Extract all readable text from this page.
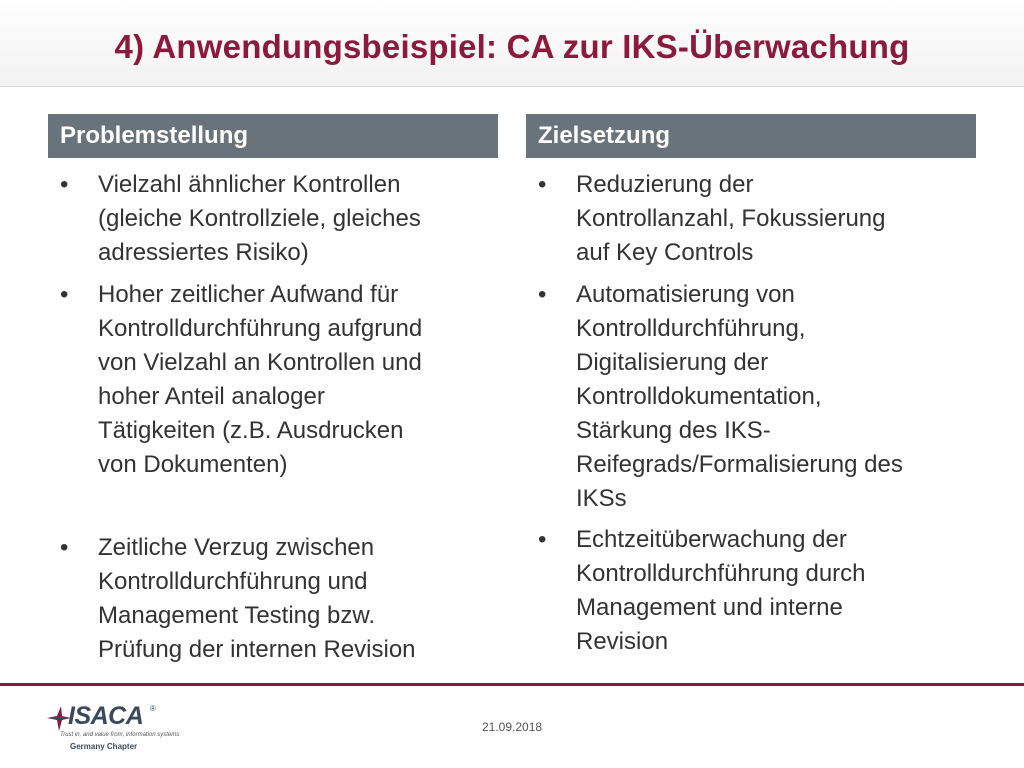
4) Anwendungsbeispiel: CA zur IKS-Überwachung
Problemstellung	Zielsetzung
• Vielzahl ähnlicher Kontrollen
(gleiche Kontrollziele, gleiches
adressiertes Risiko)
• Hoher zeitlicher Aufwand für
Kontrolldurchführung aufgrund
von Vielzahl an Kontrollen und
hoher Anteil analoger
Tätigkeiten (z.B. Ausdrucken
von Dokumenten)
• Zeitliche Verzug zwischen
Kontrolldurchführung und
Management Testing bzw.
Prüfung der internen Revision
• Reduzierung der
Kontrollanzahl, Fokussierung
auf Key Controls
• Automatisierung von
Kontrolldurchführung,
Digitalisierung der
Kontrolldokumentation,
Stärkung des IKS-
Reifegrads/Formalisierung des
IKSs
• Echtzeitüberwachung der
Kontrolldurchführung durch
Management und interne
Revision
ISACA ®
Trust in, and value from, information systems
Germany Chapter
21.09.2018
